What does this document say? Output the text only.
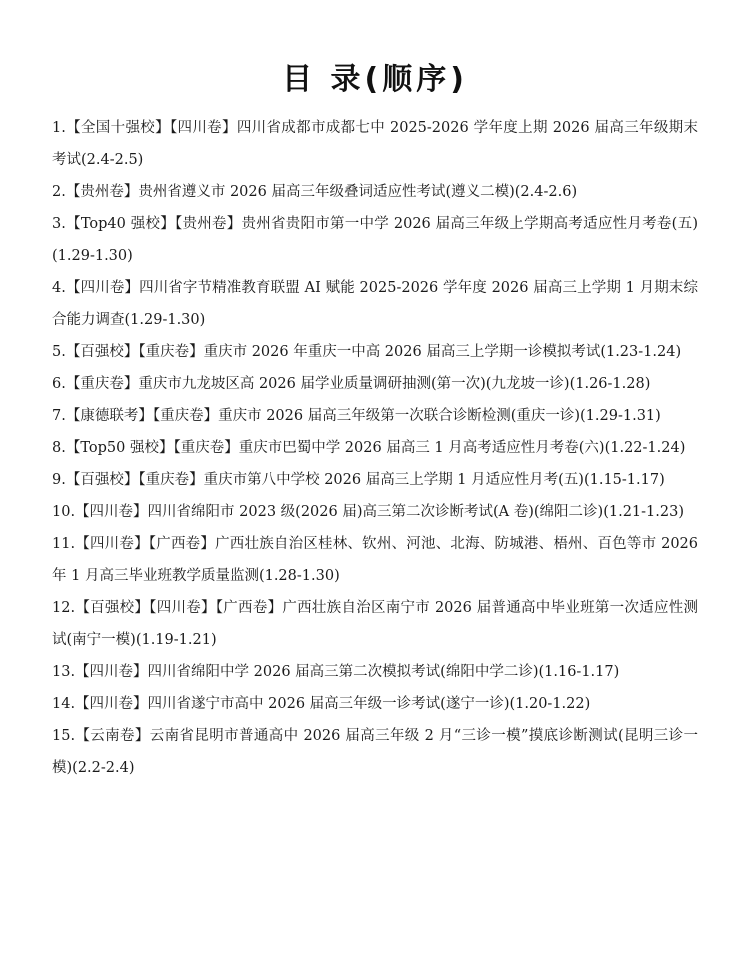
目 录(顺序)
1.【全国十强校】【四川卷】四川省成都市成都七中 2025-2026 学年度上期 2026 届高三年级期末考试(2.4-2.5)
2.【贵州卷】贵州省遵义市 2026 届高三年级叠词适应性考试(遵义二模)(2.4-2.6)
3.【Top40 强校】【贵州卷】贵州省贵阳市第一中学 2026 届高三年级上学期高考适应性月考卷(五)(1.29-1.30)
4.【四川卷】四川省字节精准教育联盟 AI 赋能 2025-2026 学年度 2026 届高三上学期 1 月期末综合能力调查(1.29-1.30)
5.【百强校】【重庆卷】重庆市 2026 年重庆一中高 2026 届高三上学期一诊模拟考试(1.23-1.24)
6.【重庆卷】重庆市九龙坡区高 2026 届学业质量调研抽测(第一次)(九龙坡一诊)(1.26-1.28)
7.【康德联考】【重庆卷】重庆市 2026 届高三年级第一次联合诊断检测(重庆一诊)(1.29-1.31)
8.【Top50 强校】【重庆卷】重庆市巴蜀中学 2026 届高三 1 月高考适应性月考卷(六)(1.22-1.24)
9.【百强校】【重庆卷】重庆市第八中学校 2026 届高三上学期 1 月适应性月考(五)(1.15-1.17)
10.【四川卷】四川省绵阳市 2023 级(2026 届)高三第二次诊断考试(A 卷)(绵阳二诊)(1.21-1.23)
11.【四川卷】【广西卷】广西壮族自治区桂林、钦州、河池、北海、防城港、梧州、百色等市 2026 年 1 月高三毕业班教学质量监测(1.28-1.30)
12.【百强校】【四川卷】【广西卷】广西壮族自治区南宁市 2026 届普通高中毕业班第一次适应性测试(南宁一模)(1.19-1.21)
13.【四川卷】四川省绵阳中学 2026 届高三第二次模拟考试(绵阳中学二诊)(1.16-1.17)
14.【四川卷】四川省遂宁市高中 2026 届高三年级一诊考试(遂宁一诊)(1.20-1.22)
15.【云南卷】云南省昆明市普通高中 2026 届高三年级 2 月“三诊一模”摸底诊断测试(昆明三诊一模)(2.2-2.4)
